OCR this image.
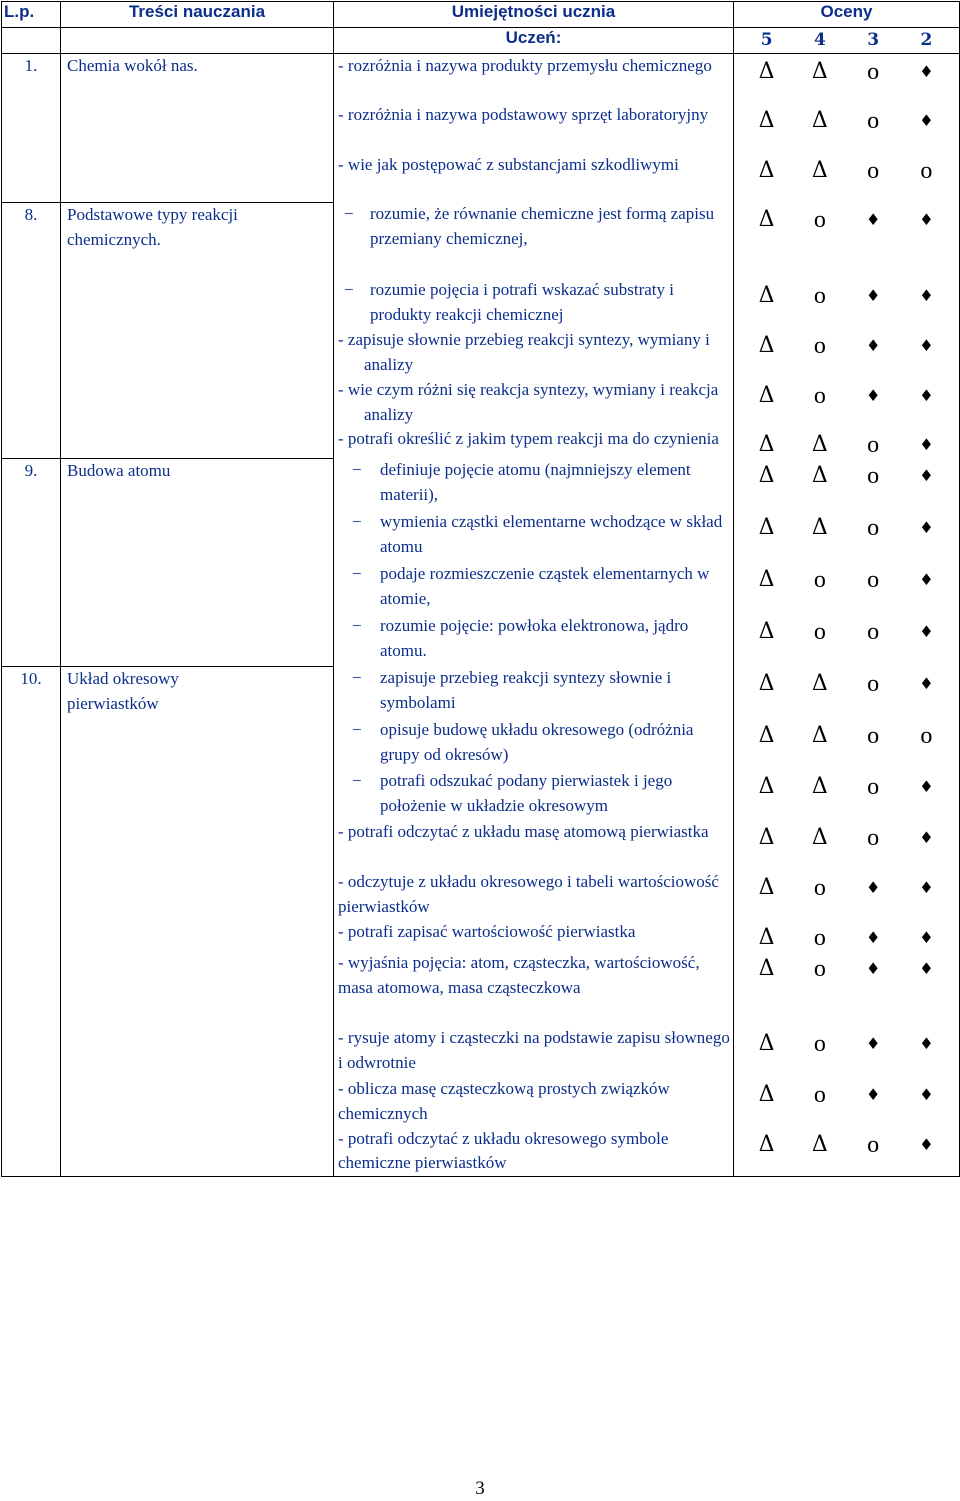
L.p.	Treści nauczania	Umiejętności ucznia	Oceny
		Uczeń:	5 4 3 2

1.	Chemia wokół nas.	- rozróżnia i nazywa produkty przemysłu chemicznego	Δ Δ o ♦

		- rozróżnia i nazywa podstawowy sprzęt laboratoryjny	Δ Δ o ♦

		- wie jak postępować z substancjami szkodliwymi	Δ Δ o o

8.	Podstawowe typy reakcji chemicznych.	− rozumie, że równanie chemiczne jest formą zapisu przemiany chemicznej,	Δ o ♦ ♦

		− rozumie pojęcia i potrafi wskazać substraty i produkty reakcji chemicznej	Δ o ♦ ♦

		- zapisuje słownie przebieg reakcji syntezy, wymiany i analizy	Δ o ♦ ♦

		- wie czym różni się reakcja syntezy, wymiany i reakcja analizy	Δ o ♦ ♦

		- potrafi określić z jakim typem reakcji ma do czynienia	Δ Δ o ♦

9.	Budowa atomu	− definiuje pojęcie atomu (najmniejszy element materii),	Δ Δ o ♦

		− wymienia cząstki elementarne wchodzące w skład atomu	Δ Δ o ♦

		− podaje rozmieszczenie cząstek elementarnych w atomie,	Δ o o ♦

		− rozumie pojęcie: powłoka elektronowa, jądro atomu.	Δ o o ♦

10.	Układ okresowy pierwiastków	− zapisuje przebieg reakcji syntezy słownie i symbolami	Δ Δ o ♦

		− opisuje budowę układu okresowego (odróżnia grupy od okresów)	Δ Δ o o

		− potrafi odszukać podany pierwiastek i jego położenie w układzie okresowym	Δ Δ o ♦

		- potrafi odczytać z układu masę atomową pierwiastka	Δ Δ o ♦

		- odczytuje z układu okresowego i tabeli wartościowość pierwiastków	Δ o ♦ ♦

		- potrafi zapisać wartościowość pierwiastka	Δ o ♦ ♦

		- wyjaśnia pojęcia: atom, cząsteczka, wartościowość, masa atomowa, masa cząsteczkowa	Δ o ♦ ♦

		- rysuje atomy i cząsteczki na podstawie zapisu słownego i odwrotnie	Δ o ♦ ♦

		- oblicza masę cząsteczkową prostych związków chemicznych	Δ o ♦ ♦

		- potrafi odczytać z układu okresowego symbole chemiczne pierwiastków	Δ Δ o ♦
3
